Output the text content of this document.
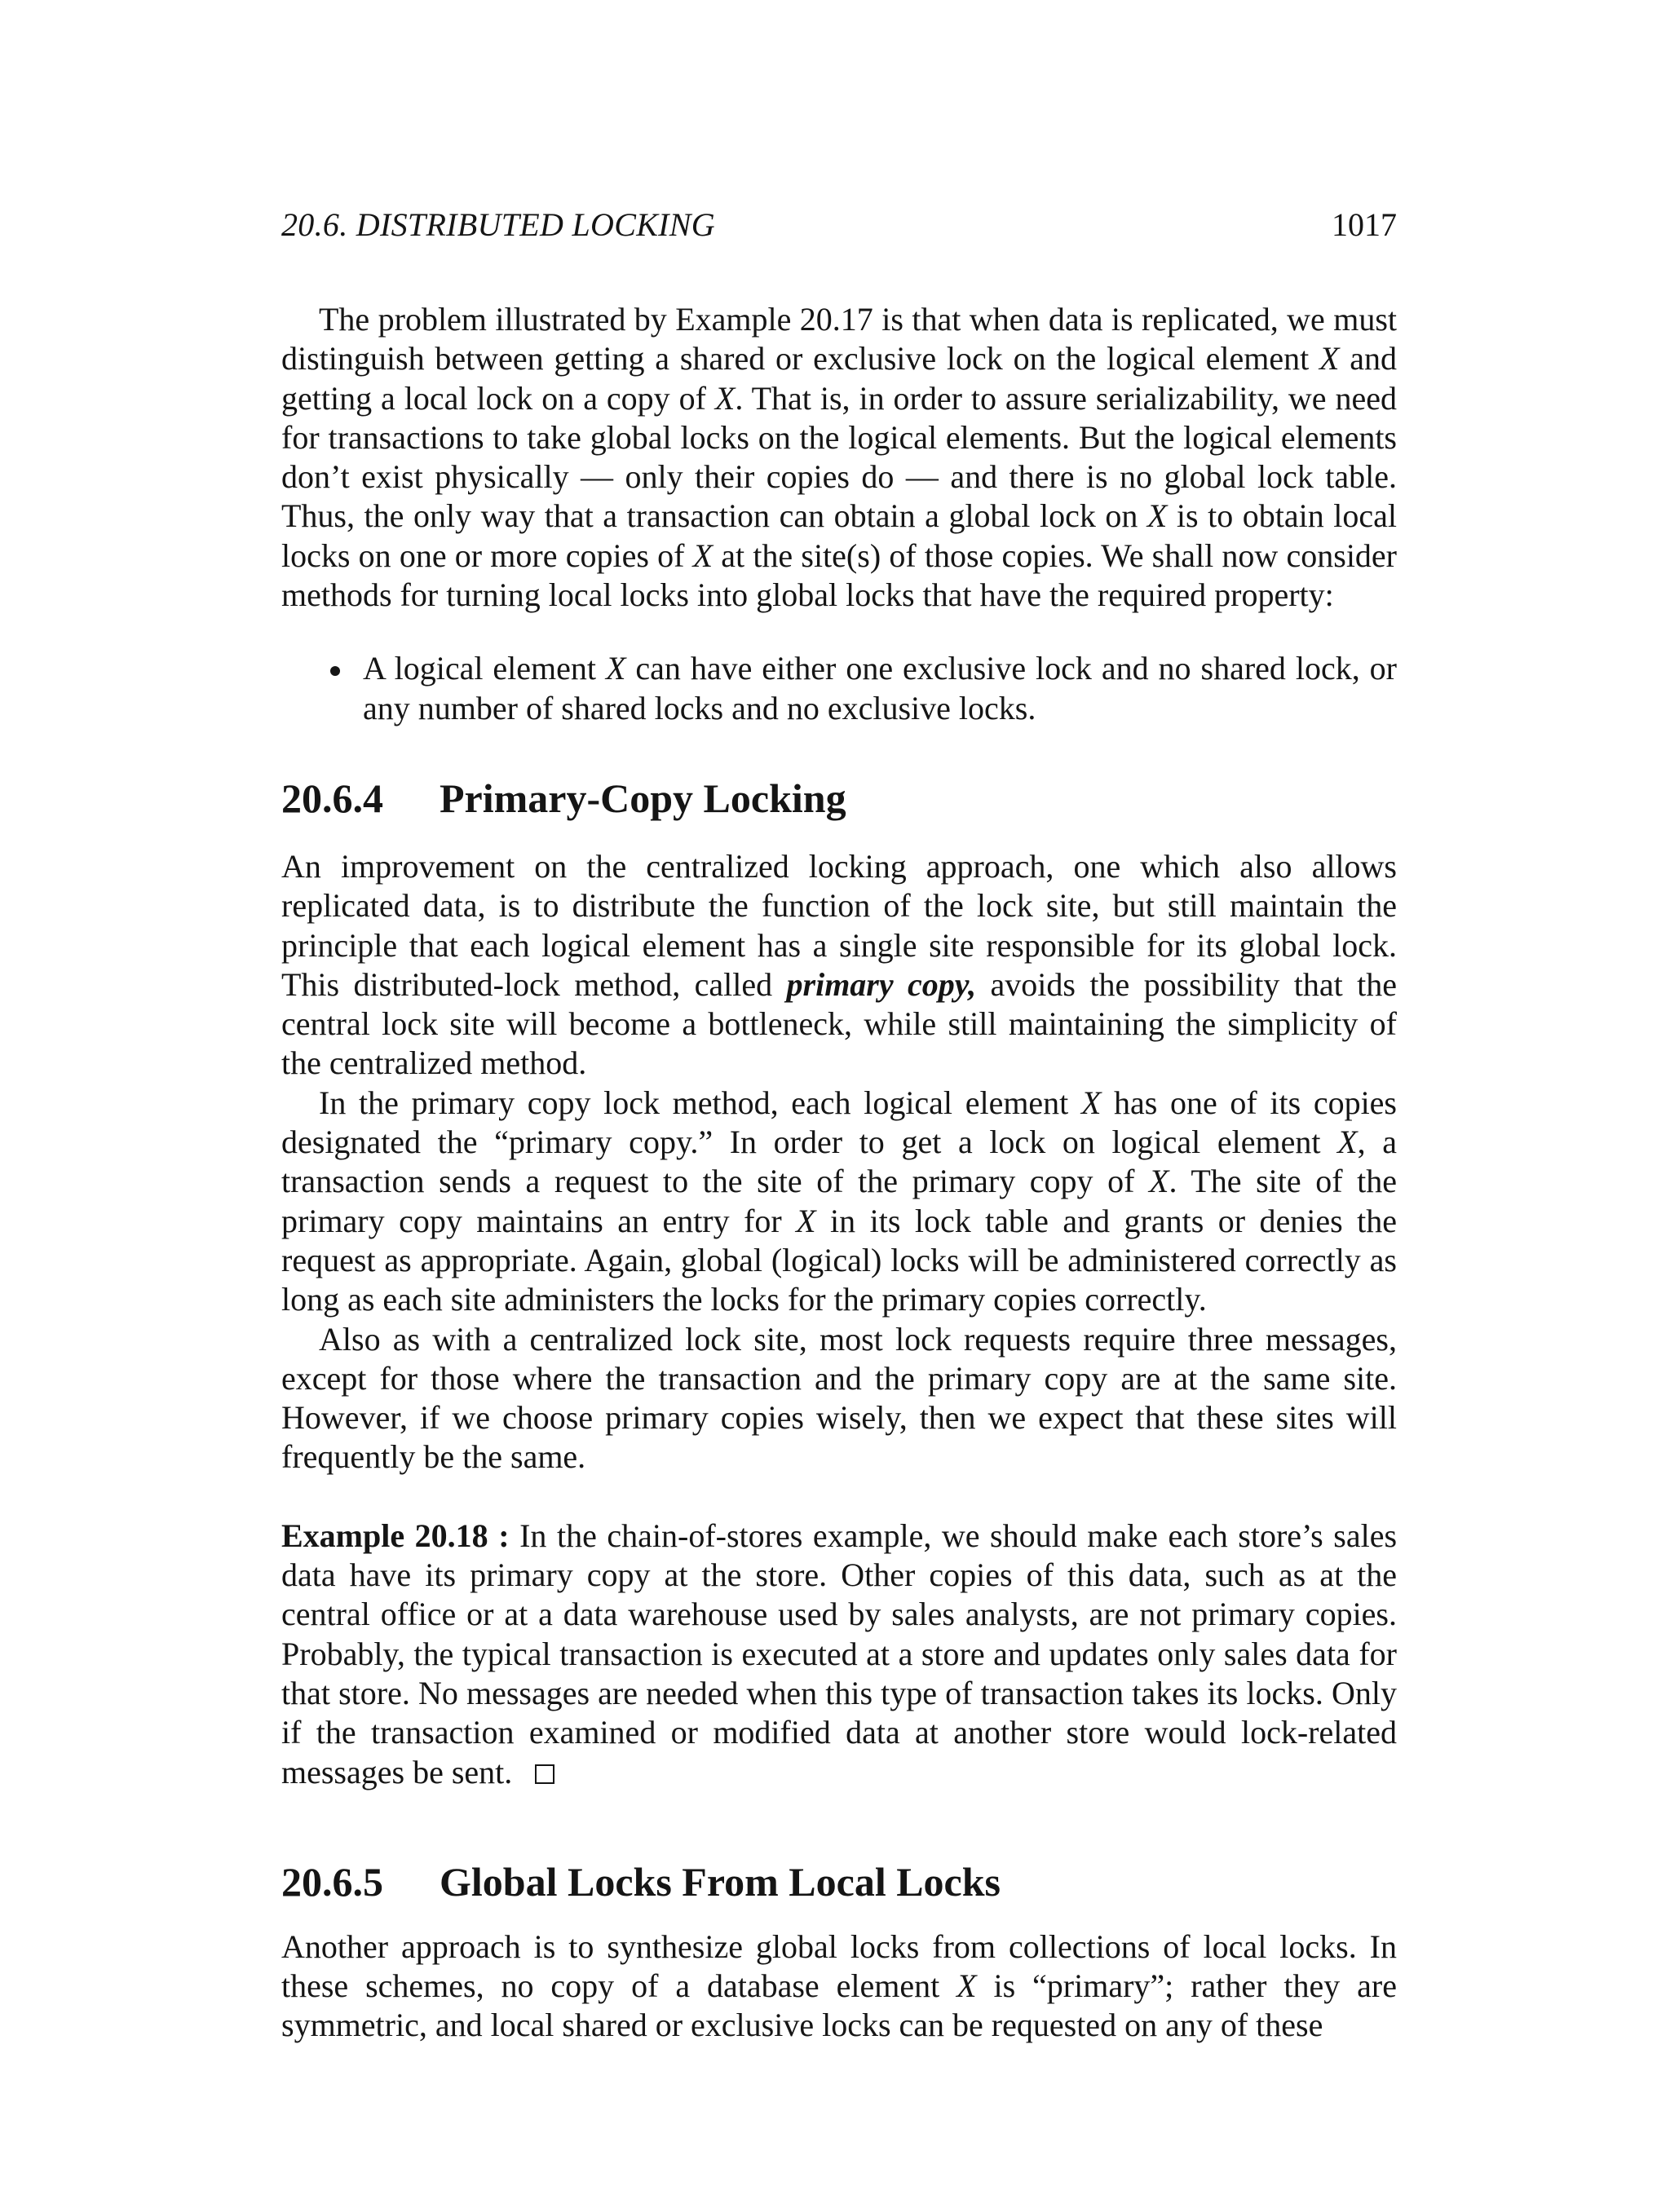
20.6. DISTRIBUTED LOCKING	1017

The problem illustrated by Example 20.17 is that when data is replicated, we must distinguish between getting a shared or exclusive lock on the logical element X and getting a local lock on a copy of X. That is, in order to assure serializability, we need for transactions to take global locks on the logical elements. But the logical elements don’t exist physically — only their copies do — and there is no global lock table. Thus, the only way that a transaction can obtain a global lock on X is to obtain local locks on one or more copies of X at the site(s) of those copies. We shall now consider methods for turning local locks into global locks that have the required property:

A logical element X can have either one exclusive lock and no shared lock, or any number of shared locks and no exclusive locks.

20.6.4 Primary-Copy Locking

An improvement on the centralized locking approach, one which also allows replicated data, is to distribute the function of the lock site, but still maintain the principle that each logical element has a single site responsible for its global lock. This distributed-lock method, called primary copy, avoids the possibility that the central lock site will become a bottleneck, while still maintaining the simplicity of the centralized method.

In the primary copy lock method, each logical element X has one of its copies designated the “primary copy.” In order to get a lock on logical element X, a transaction sends a request to the site of the primary copy of X. The site of the primary copy maintains an entry for X in its lock table and grants or denies the request as appropriate. Again, global (logical) locks will be administered correctly as long as each site administers the locks for the primary copies correctly.

Also as with a centralized lock site, most lock requests require three messages, except for those where the transaction and the primary copy are at the same site. However, if we choose primary copies wisely, then we expect that these sites will frequently be the same.

Example 20.18 : In the chain-of-stores example, we should make each store’s sales data have its primary copy at the store. Other copies of this data, such as at the central office or at a data warehouse used by sales analysts, are not primary copies. Probably, the typical transaction is executed at a store and updates only sales data for that store. No messages are needed when this type of transaction takes its locks. Only if the transaction examined or modified data at another store would lock-related messages be sent.

20.6.5 Global Locks From Local Locks

Another approach is to synthesize global locks from collections of local locks. In these schemes, no copy of a database element X is “primary”; rather they are symmetric, and local shared or exclusive locks can be requested on any of these
